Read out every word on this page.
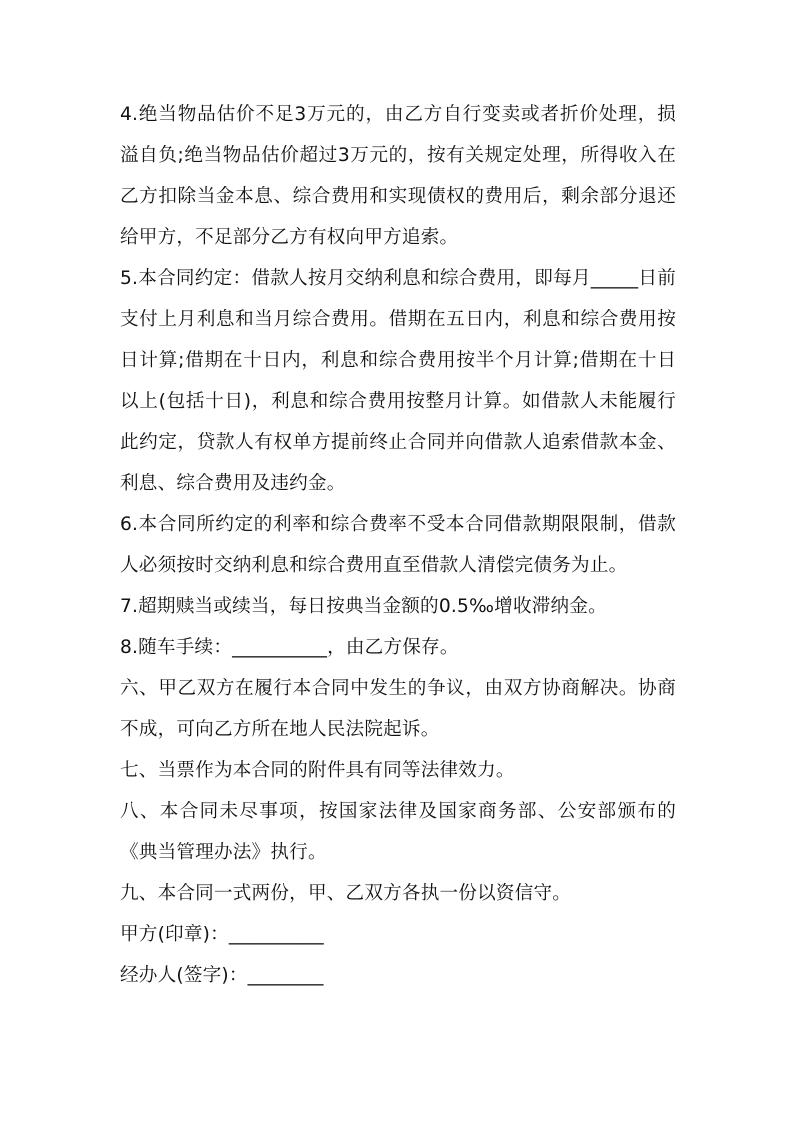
4.绝当物品估价不足3万元的，由乙方自行变卖或者折价处理，损溢自负;绝当物品估价超过3万元的，按有关规定处理，所得收入在乙方扣除当金本息、综合费用和实现债权的费用后，剩余部分退还给甲方，不足部分乙方有权向甲方追索。

5.本合同约定：借款人按月交纳利息和综合费用，即每月_____日前支付上月利息和当月综合费用。借期在五日内，利息和综合费用按日计算;借期在十日内，利息和综合费用按半个月计算;借期在十日以上(包括十日)，利息和综合费用按整月计算。如借款人未能履行此约定，贷款人有权单方提前终止合同并向借款人追索借款本金、利息、综合费用及违约金。

6.本合同所约定的利率和综合费率不受本合同借款期限限制，借款人必须按时交纳利息和综合费用直至借款人清偿完债务为止。

7.超期赎当或续当，每日按典当金额的0.5‰增收滞纳金。

8.随车手续：__________，由乙方保存。

六、甲乙双方在履行本合同中发生的争议，由双方协商解决。协商不成，可向乙方所在地人民法院起诉。

七、当票作为本合同的附件具有同等法律效力。

八、本合同未尽事项，按国家法律及国家商务部、公安部颁布的《典当管理办法》执行。

九、本合同一式两份，甲、乙双方各执一份以资信守。

甲方(印章)：__________

经办人(签字)：________
